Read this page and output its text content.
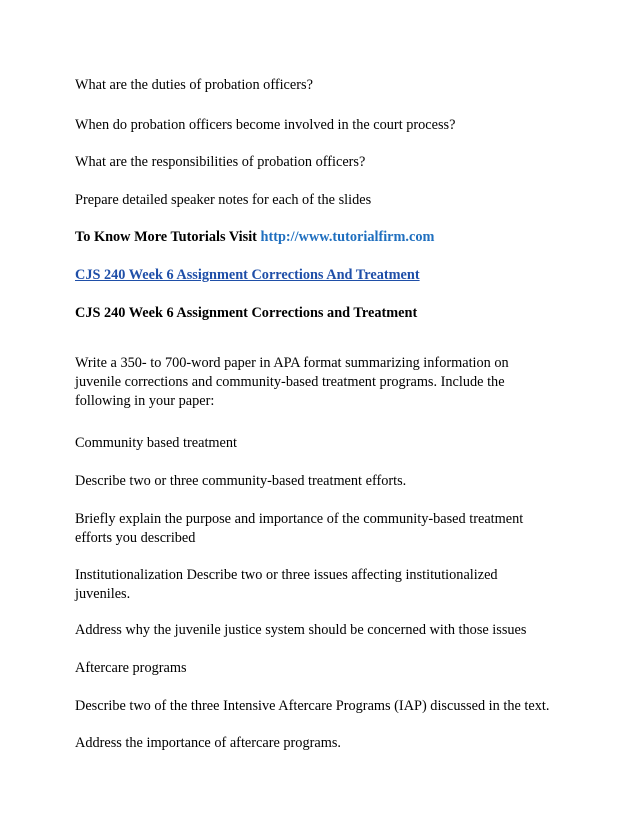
What are the duties of probation officers?

When do probation officers become involved in the court process?

What are the responsibilities of probation officers?

Prepare detailed speaker notes for each of the slides

To Know More Tutorials Visit http://www.tutorialfirm.com

CJS 240 Week 6 Assignment Corrections And Treatment

CJS 240 Week 6 Assignment Corrections and Treatment

Write a 350- to 700-word paper in APA format summarizing information on
juvenile corrections and community-based treatment programs. Include the
following in your paper:

Community based treatment

Describe two or three community-based treatment efforts.

Briefly explain the purpose and importance of the community-based treatment
efforts you described
Institutionalization Describe two or three issues affecting institutionalized
juveniles.

Address why the juvenile justice system should be concerned with those issues

Aftercare programs

Describe two of the three Intensive Aftercare Programs (IAP) discussed in the text.

Address the importance of aftercare programs.
